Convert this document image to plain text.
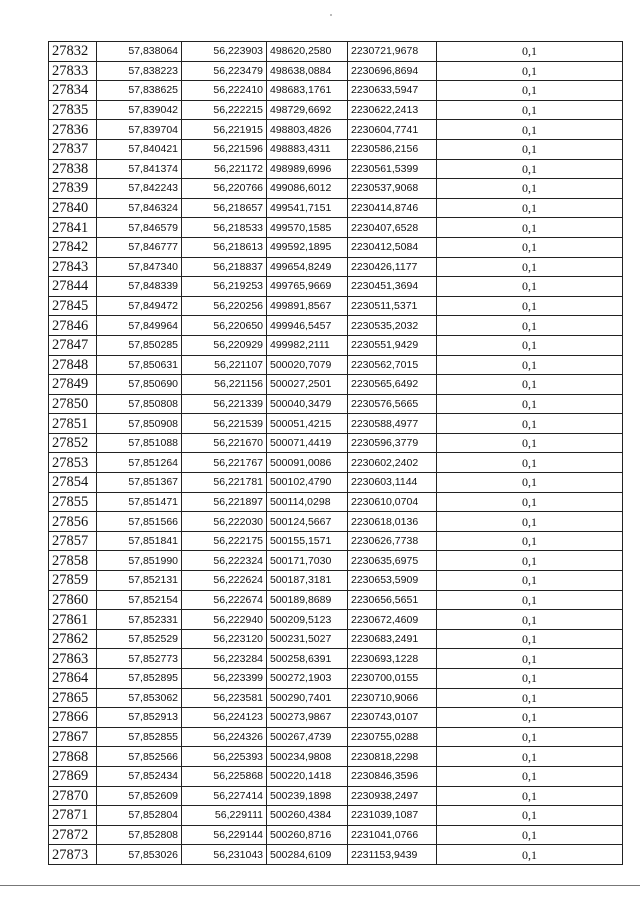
27832	57,838064	56,223903	498620,2580	2230721,9678	0,1
27833	57,838223	56,223479	498638,0884	2230696,8694	0,1
27834	57,838625	56,222410	498683,1761	2230633,5947	0,1
27835	57,839042	56,222215	498729,6692	2230622,2413	0,1
27836	57,839704	56,221915	498803,4826	2230604,7741	0,1
27837	57,840421	56,221596	498883,4311	2230586,2156	0,1
27838	57,841374	56,221172	498989,6996	2230561,5399	0,1
27839	57,842243	56,220766	499086,6012	2230537,9068	0,1
27840	57,846324	56,218657	499541,7151	2230414,8746	0,1
27841	57,846579	56,218533	499570,1585	2230407,6528	0,1
27842	57,846777	56,218613	499592,1895	2230412,5084	0,1
27843	57,847340	56,218837	499654,8249	2230426,1177	0,1
27844	57,848339	56,219253	499765,9669	2230451,3694	0,1
27845	57,849472	56,220256	499891,8567	2230511,5371	0,1
27846	57,849964	56,220650	499946,5457	2230535,2032	0,1
27847	57,850285	56,220929	499982,2111	2230551,9429	0,1
27848	57,850631	56,221107	500020,7079	2230562,7015	0,1
27849	57,850690	56,221156	500027,2501	2230565,6492	0,1
27850	57,850808	56,221339	500040,3479	2230576,5665	0,1
27851	57,850908	56,221539	500051,4215	2230588,4977	0,1
27852	57,851088	56,221670	500071,4419	2230596,3779	0,1
27853	57,851264	56,221767	500091,0086	2230602,2402	0,1
27854	57,851367	56,221781	500102,4790	2230603,1144	0,1
27855	57,851471	56,221897	500114,0298	2230610,0704	0,1
27856	57,851566	56,222030	500124,5667	2230618,0136	0,1
27857	57,851841	56,222175	500155,1571	2230626,7738	0,1
27858	57,851990	56,222324	500171,7030	2230635,6975	0,1
27859	57,852131	56,222624	500187,3181	2230653,5909	0,1
27860	57,852154	56,222674	500189,8689	2230656,5651	0,1
27861	57,852331	56,222940	500209,5123	2230672,4609	0,1
27862	57,852529	56,223120	500231,5027	2230683,2491	0,1
27863	57,852773	56,223284	500258,6391	2230693,1228	0,1
27864	57,852895	56,223399	500272,1903	2230700,0155	0,1
27865	57,853062	56,223581	500290,7401	2230710,9066	0,1
27866	57,852913	56,224123	500273,9867	2230743,0107	0,1
27867	57,852855	56,224326	500267,4739	2230755,0288	0,1
27868	57,852566	56,225393	500234,9808	2230818,2298	0,1
27869	57,852434	56,225868	500220,1418	2230846,3596	0,1
27870	57,852609	56,227414	500239,1898	2230938,2497	0,1
27871	57,852804	56,229111	500260,4384	2231039,1087	0,1
27872	57,852808	56,229144	500260,8716	2231041,0766	0,1
27873	57,853026	56,231043	500284,6109	2231153,9439	0,1
